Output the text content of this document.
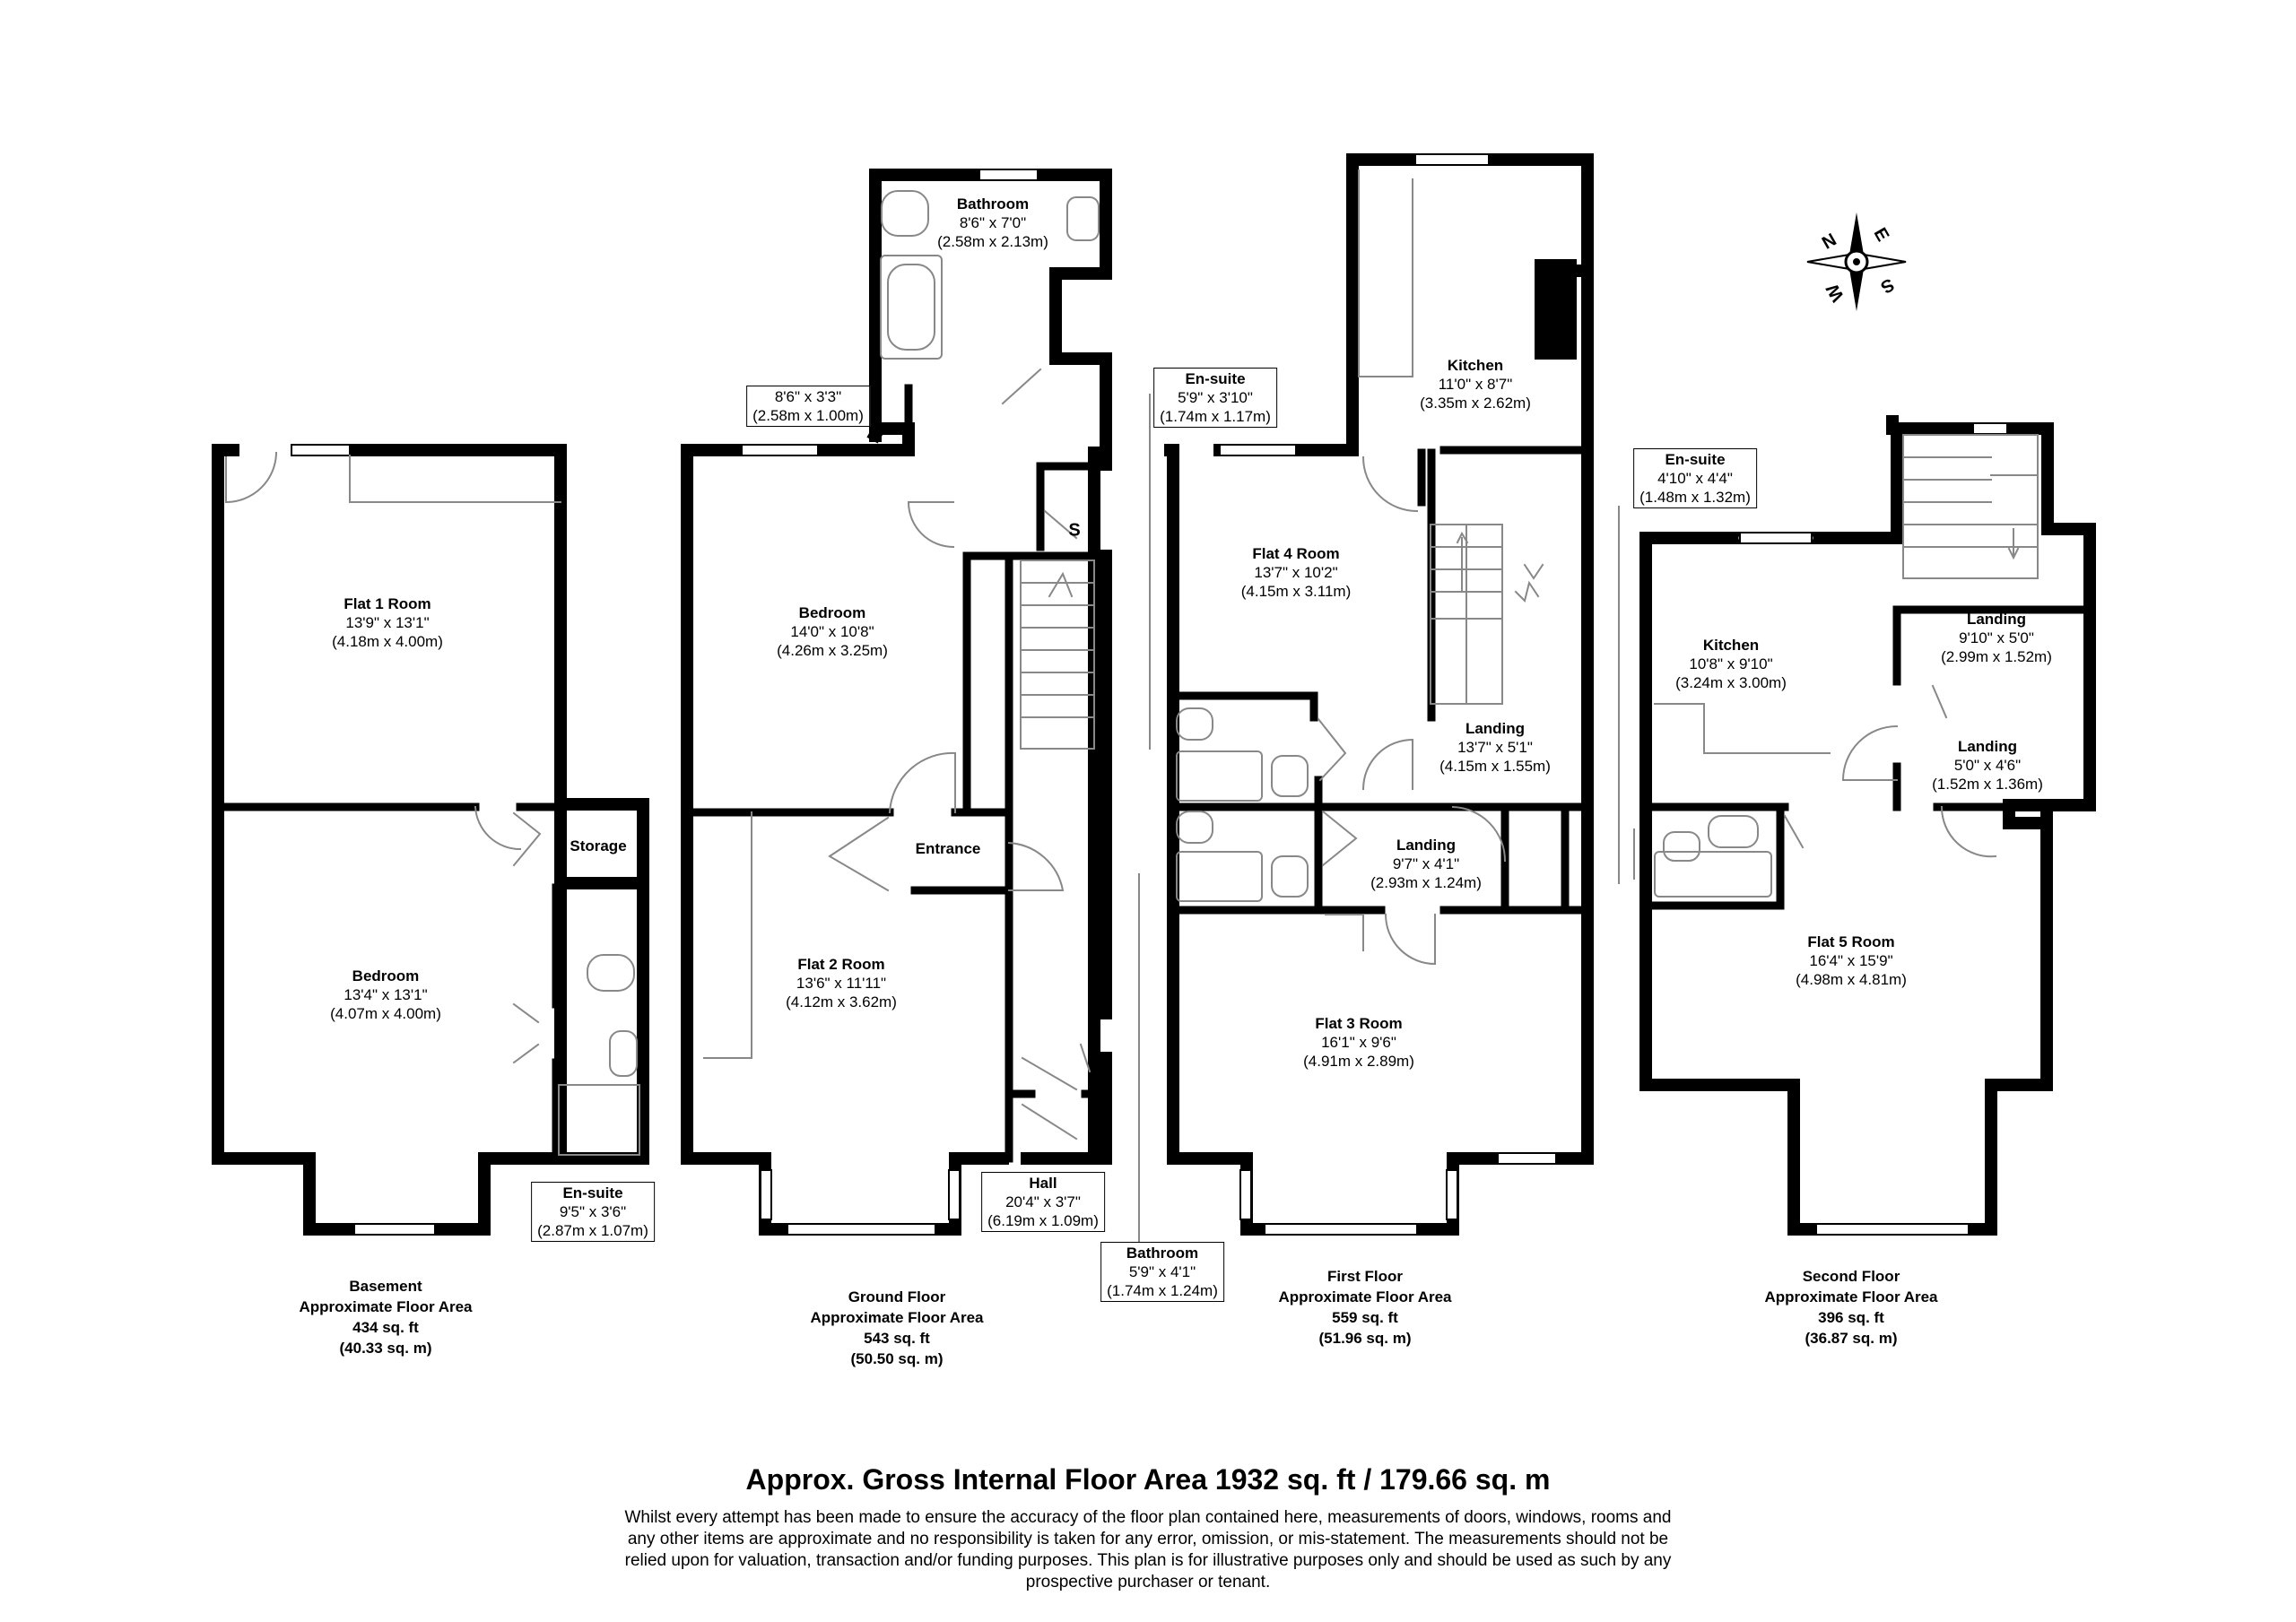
Flat 1 Room
13'9" x 13'1"
(4.18m x 4.00m)
Bedroom
13'4" x 13'1"
(4.07m x 4.00m)
Storage
En-suite
9'5" x 3'6"
(2.87m x 1.07m)
Bathroom
8'6" x 7'0"
(2.58m x 2.13m)
8'6" x 3'3"
(2.58m x 1.00m)
Bedroom
14'0" x 10'8"
(4.26m x 3.25m)
S
Entrance
Flat 2 Room
13'6" x 11'11"
(4.12m x 3.62m)
Hall
20'4" x 3'7"
(6.19m x 1.09m)
En-suite
5'9" x 3'10"
(1.74m x 1.17m)
Kitchen
11'0" x 8'7"
(3.35m x 2.62m)
Flat 4 Room
13'7" x 10'2"
(4.15m x 3.11m)
Landing
13'7" x 5'1"
(4.15m x 1.55m)
Landing
9'7" x 4'1"
(2.93m x 1.24m)
Flat 3 Room
16'1" x 9'6"
(4.91m x 2.89m)
Bathroom
5'9" x 4'1"
(1.74m x 1.24m)
En-suite
4'10" x 4'4"
(1.48m x 1.32m)
Kitchen
10'8" x 9'10"
(3.24m x 3.00m)
Landing
9'10" x 5'0"
(2.99m x 1.52m)
Landing
5'0" x 4'6"
(1.52m x 1.36m)
Flat 5 Room
16'4" x 15'9"
(4.98m x 4.81m)
N E
S
W
Basement
Approximate Floor Area
434 sq. ft
(40.33 sq. m)
Ground Floor
Approximate Floor Area
543 sq. ft
(50.50 sq. m)
First Floor
Approximate Floor Area
559 sq. ft
(51.96 sq. m)
Second Floor
Approximate Floor Area
396 sq. ft
(36.87 sq. m)
Approx. Gross Internal Floor Area 1932 sq. ft / 179.66 sq. m
Whilst every attempt has been made to ensure the accuracy of the floor plan contained here, measurements of doors, windows, rooms and any other items are approximate and no responsibility is taken for any error, omission, or mis-statement. The measurements should not be relied upon for valuation, transaction and/or funding purposes. This plan is for illustrative purposes only and should be used as such by any prospective purchaser or tenant.
